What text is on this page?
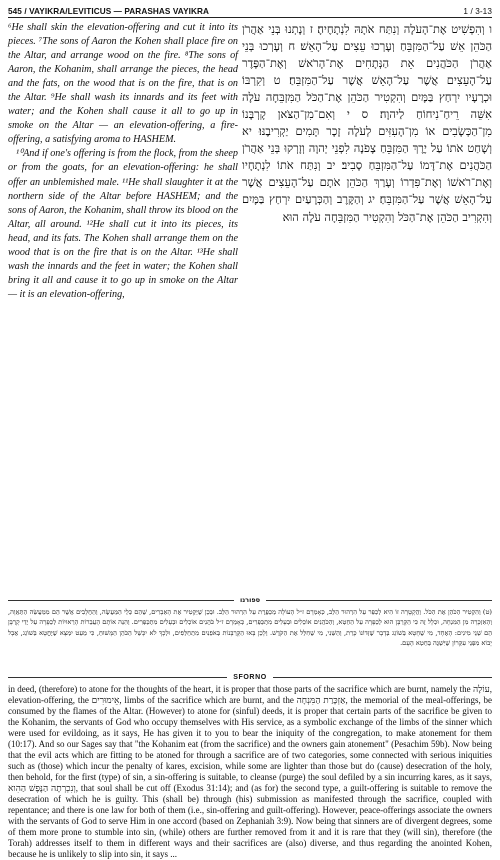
545 / VAYIKRA/LEVITICUS — PARASHAS VAYIKRA	1 / 3-13

⁶He shall skin the elevation-offering and cut it into its pieces. ⁷The sons of Aaron the Kohen shall place fire on the Altar, and arrange wood on the fire. ⁸The sons of Aaron, the Kohanim, shall arrange the pieces, the head and the fats, on the wood that is on the fire, that is on the Altar. ⁹He shall wash its innards and its feet with water; and the Kohen shall cause it all to go up in smoke on the Altar — an elevation-offering, a fire-offering, a satisfying aroma to HASHEM.

¹⁰And if one's offering is from the flock, from the sheep or from the goats, for an elevation-offering: he shall offer an unblemished male. ¹¹He shall slaughter it at the northern side of the Altar before HASHEM; and the sons of Aaron, the Kohanim, shall throw its blood on the Altar, all around. ¹²He shall cut it into its pieces, its head, and its fats. The Kohen shall arrange them on the wood that is on the fire that is on the Altar. ¹³He shall wash the innards and the feet in water; the Kohen shall bring it all and cause it to go up in smoke on the Altar — it is an elevation-offering,

ו וְהִפְשִׁיט אֶת־הָעֹלָה וְנִתַּח אֹתָהּ לִנְתָחֶיהָ׃ ז וְנָתְנוּ בְּנֵי אַהֲרֹן הַכֹּהֵן אֵשׁ עַל־הַמִּזְבֵּחַ וְעָרְכוּ עֵצִים עַל־הָאֵשׁ׃ ח וְעָרְכוּ בְּנֵי אַהֲרֹן הַכֹּהֲנִים אֵת הַנְּתָחִים אֶת־הָרֹאשׁ וְאֶת־הַפָּדֶר עַל־הָעֵצִים אֲשֶׁר עַל־הָאֵשׁ אֲשֶׁר עַל־הַמִּזְבֵּחַ׃ ט וְקִרְבּוֹ וּכְרָעָיו יִרְחַץ בַּמָּיִם וְהִקְטִיר הַכֹּהֵן אֶת־הַכֹּל הַמִּזְבֵּחָה עֹלָה אִשֵּׁה רֵיחַ־נִיחוֹחַ לַיהוָה׃ ס י וְאִם־מִן־הַצֹּאן קָרְבָּנוֹ מִן־הַכְּשָׂבִים אוֹ מִן־הָעִזִּים לְעֹלָה זָכָר תָּמִים יַקְרִיבֶנּוּ׃ יא וְשָׁחַט אֹתוֹ עַל יֶרֶךְ הַמִּזְבֵּחַ צָפֹנָה לִפְנֵי יְהוָה וְזָרְקוּ בְּנֵי אַהֲרֹן הַכֹּהֲנִים אֶת־דָּמוֹ עַל־הַמִּזְבֵּחַ סָבִיב׃ יב וְנִתַּח אֹתוֹ לִנְתָחָיו וְאֶת־רֹאשׁוֹ וְאֶת־פִּדְרוֹ וְעָרַךְ הַכֹּהֵן אֹתָם עַל־הָעֵצִים אֲשֶׁר עַל־הָאֵשׁ אֲשֶׁר עַל־הַמִּזְבֵּחַ׃ יג וְהַקֶּרֶב וְהַכְּרָעַיִם יִרְחַץ בַּמָּיִם וְהִקְרִיב הַכֹּהֵן אֶת־הַכֹּל וְהִקְטִיר הַמִּזְבֵּחָה עֹלָה הוּא
ספורנו
(ט) וְהִקְטִיר הַכֹּהֵן אֶת הַכֹּל. וַהֲקָטָרָה זוֹ הִיא לְכַפֵּר עַל הִרְהוּר הַלֵּב, כְּאָמְרָם ז״ל הָעוֹלָה מְכַפֶּרֶת עַל הִרְהוּר הַלֵּב. וּבְכֵן שֶׁיַּקְטִיר אֶת הָאֵבָרִים, שֶׁהֵם כְּלֵי הַמַּעֲשֶׂה, וְהַחֲלָבִים אֲשֶׁר הֵם מִמַּעֲשֵׂה הַתַּאֲוָה, וְהָאַזְכָּרָה מִן הַמִּנְחָה, וּכְלָל זֶה כִּי הַקָּרְבָּן הוּא לְכַפָּרָה עַל הַחֵטְא, וְהַכֹּהֲנִים אוֹכְלִים וּבְעָלִים מִתְכַּפְּרִים, כְּאָמְרָם ז״ל כֹּהֲנִים אוֹכְלִים וּבְעָלִים מִתְכַּפְּרִים. וְהִנֵּה אוֹתָם הָעֲבֵרוֹת הָרְאוּיוֹת לְכַפָּרָה עַל יְדֵי קָרְבָּן הֵם שְׁנֵי מִינִים: הָאֶחָד, מִי שֶׁחָטָא בְּשׁוֹגֵג בְּדָבָר שֶׁזְּדוֹנוֹ כָּרֵת, וְהַשֵּׁנִי, מִי שֶׁחִלֵּל אֶת הַקֹּדֶשׁ. וְלָכֵן בָּאוּ הַקָּרְבָּנוֹת בְּאֹפַנִּים מִתְחַלְּפִים, וּלְכָךְ לֹא יִכָּשֵׁל הַכֹּהֵן הַמָּשׁוּחַ, כִּי מֵעַט יִמְצָא שֶׁיֶּחֱטָא בְּשׁוֹגֵג, אֲבָל יָבוֹא מִפְּנֵי עִקְּרוֹן שֶׁיִּשְׁגֶּה בְּחֵטְא הָעָם.
SFORNO
in deed, (therefore) to atone for the thoughts of the heart, it is proper that those parts of the sacrifice which are burnt, namely the עוֹלָה, elevation-offering, the אֵימוּרִים, limbs of the sacrifice which are burnt, and the אַזְכָּרַת הַמִּנְחָה, the memorial of the meal-offerings, be consumed by the flames of the Altar. (However) to atone for (sinful) deeds, it is proper that certain parts of the sacrifice be given to the Kohanim, the servants of God who occupy themselves with His service, as a symbolic exchange of the limbs of the sinner which were used for evildoing, as it says, He has given it to you to bear the iniquity of the congregation, to make atonement for them (10:17). And so our Sages say that "the Kohanim eat (from the sacrifice) and the owners gain atonement" (Pesachim 59b). Now being that the evil acts which are fitting to be atoned for through a sacrifice are of two categories, some connected with serious iniquities such as (those) which incur the penalty of kares, excision, while some are lighter than those but do (cause) desecration of the holy, then behold, for the first (type) of sin, a sin-offering is suitable, to cleanse (purge) the soul defiled by a sin incurring kares, as it says, וְנִכְרְתָה הַנֶּפֶשׁ הַהִוא, that soul shall be cut off (Exodus 31:14); and (as for) the second type, a guilt-offering is suitable to remove the desecration of which he is guilty. This (shall be) through (his) submission as manifested through the sacrifice, coupled with repentance; and there is one law for both of them (i.e., sin-offering and guilt-offering). However, peace-offerings associate the owners with the servants of God to serve Him in one accord (based on Zephaniah 3:9). Now being that sinners are of divergent degrees, some of them more prone to stumble into sin, (while) others are further removed from it and it is rare that they (will sin), therefore (the Torah) addresses itself to them in different ways and their sacrifices are (also) diverse, and thus regarding the anointed Kohen, because he is unlikely to slip into sin, it says ...
